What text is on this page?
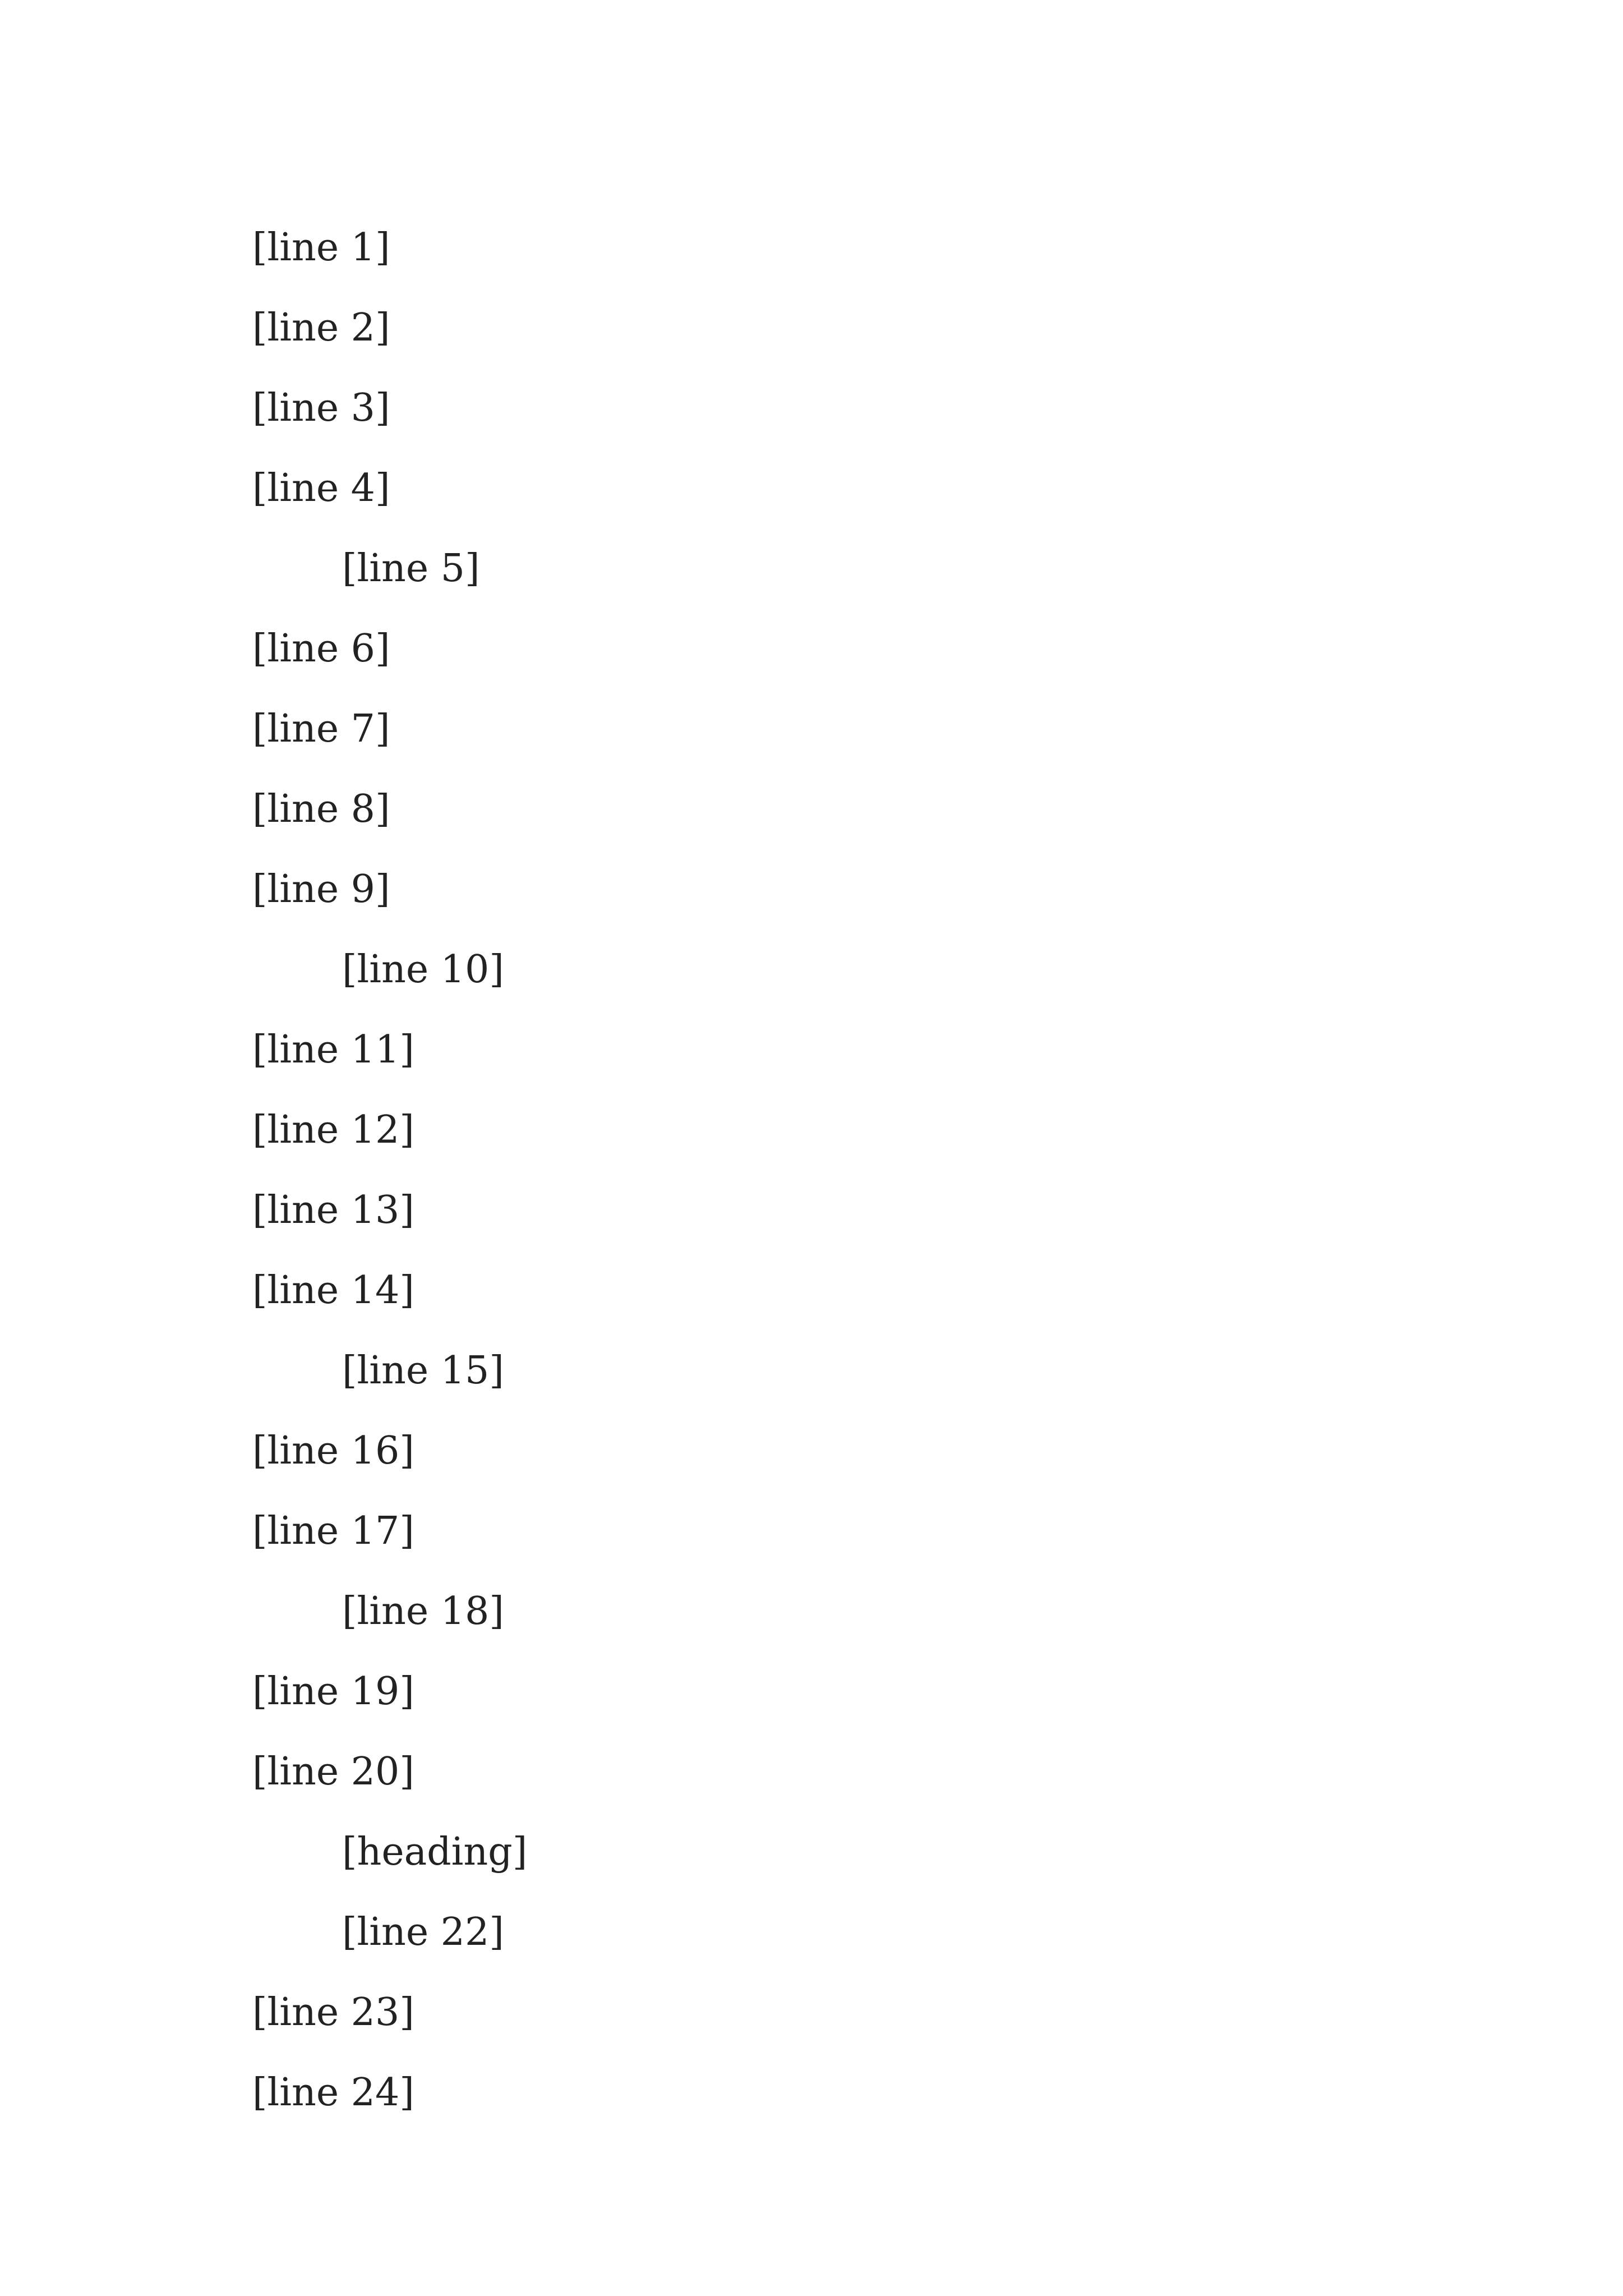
[line 1]
[line 2]
[line 3]
[line 4]
[line 5]
[line 6]
[line 7]
[line 8]
[line 9]
[line 10]
[line 11]
[line 12]
[line 13]
[line 14]
[line 15]
[line 16]
[line 17]
[line 18]
[line 19]
[line 20]
[heading]
[line 22]
[line 23]
[line 24]
